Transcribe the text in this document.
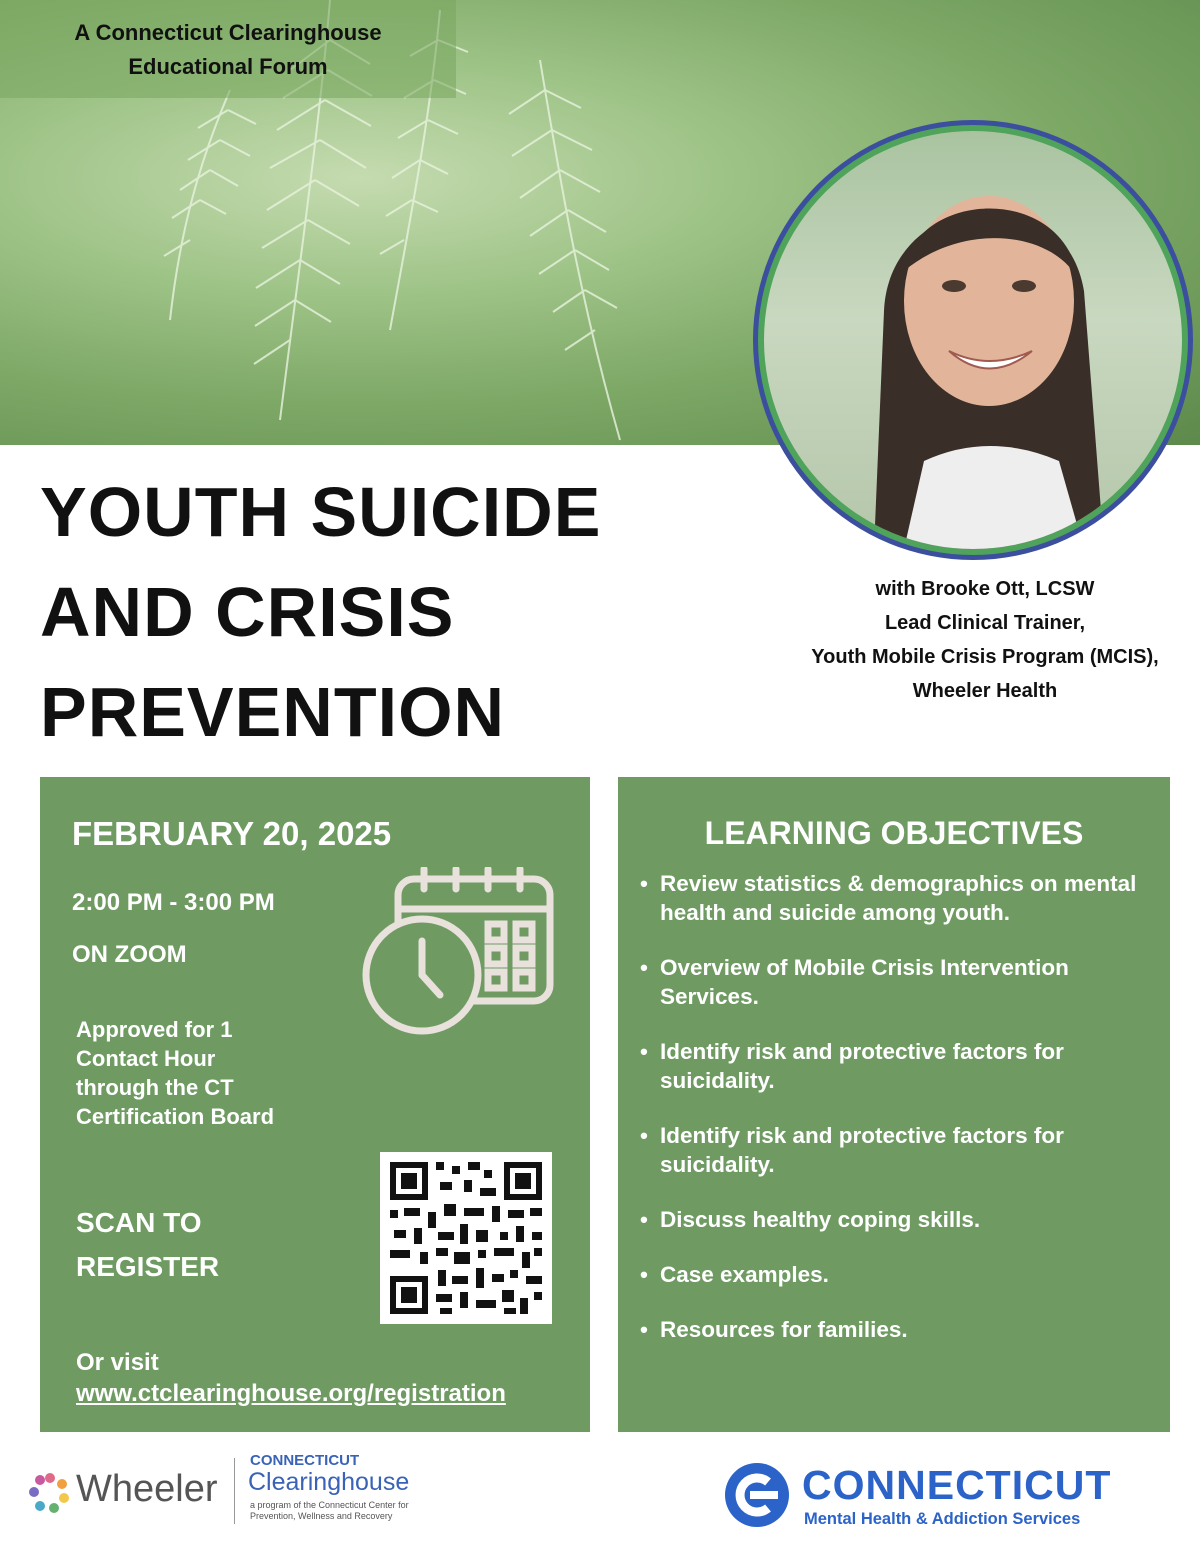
A Connecticut Clearinghouse
Educational Forum
YOUTH SUICIDE
AND CRISIS
PREVENTION
with Brooke Ott, LCSW
Lead Clinical Trainer,
Youth Mobile Crisis Program (MCIS),
Wheeler Health
FEBRUARY 20, 2025
2:00 PM - 3:00 PM
ON ZOOM
Approved for 1
Contact Hour
through the CT
Certification Board
SCAN TO
REGISTER
Or visit
www.ctclearinghouse.org/registration
LEARNING OBJECTIVES
• Review statistics & demographics on mental health and suicide among youth.
• Overview of Mobile Crisis Intervention Services.
• Identify risk and protective factors for suicidality.
• Identify risk and protective factors for suicidality.
• Discuss healthy coping skills.
• Case examples.
• Resources for families.
Wheeler
CONNECTICUT
Clearinghouse
a program of the Connecticut Center for Prevention, Wellness and Recovery
CONNECTICUT
Mental Health & Addiction Services
